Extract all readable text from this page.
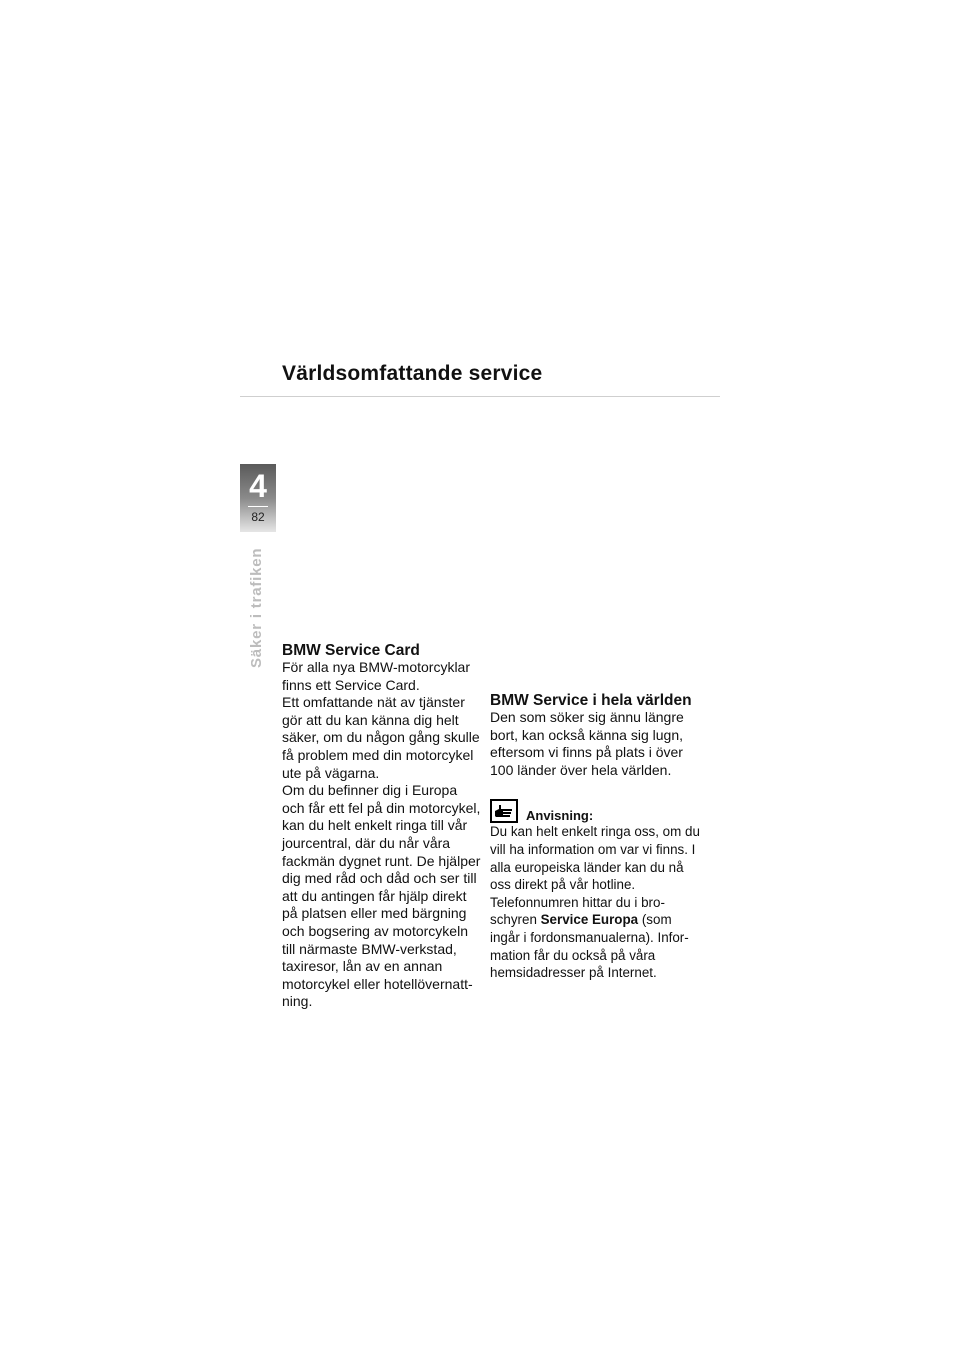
Världsomfattande service
4
82
Säker i trafiken BMW Service Card

För alla nya BMW-motorcyklar finns ett Service Card.

Ett omfattande nät av tjänster gör att du kan känna dig helt säker, om du någon gång skulle få problem med din motorcykel ute på vägarna.

Om du befinner dig i Europa och får ett fel på din motorcykel, kan du helt enkelt ringa till vår jourcentral, där du når våra fackmän dygnet runt. De hjälper dig med råd och dåd och ser till att du antingen får hjälp direkt på platsen eller med bärgning och bogsering av motorcykeln till närmaste BMW-verkstad, taxiresor, lån av en annan motorcykel eller hotellövernatt-ning.

BMW Service i hela världen

Den som söker sig ännu längre bort, kan också känna sig lugn, eftersom vi finns på plats i över 100 länder över hela världen.

Anvisning:

Du kan helt enkelt ringa oss, om du vill ha information om var vi finns. I alla europeiska länder kan du nå oss direkt på vår hotline. Telefonnumren hittar du i bro-schyren Service Europa (som ingår i fordonsmanualerna). Infor-mation får du också på våra hemsidadresser på Internet.
